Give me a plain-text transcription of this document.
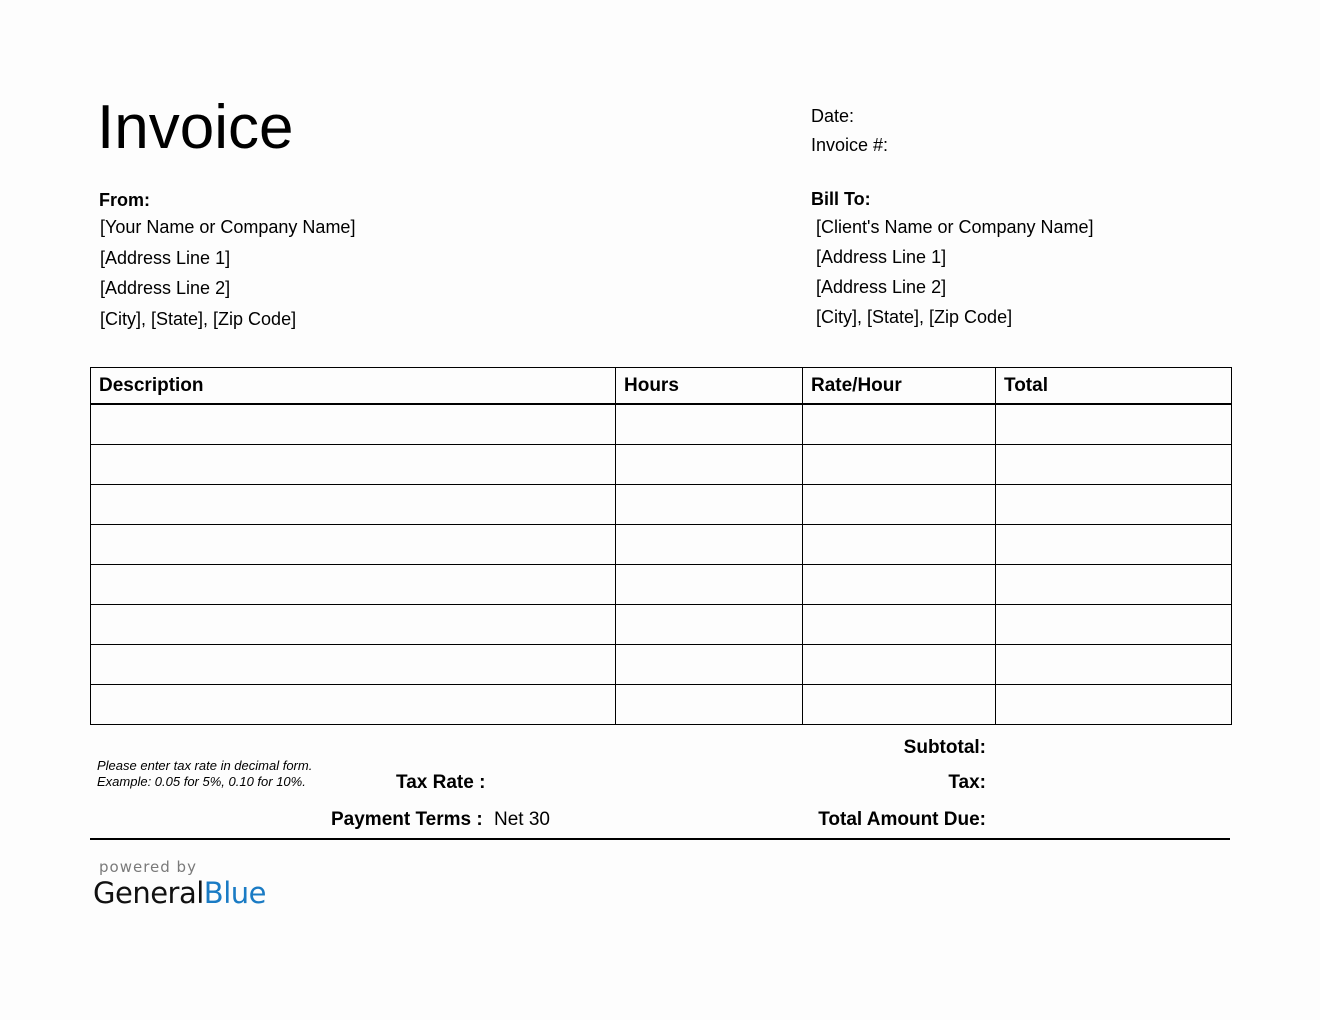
Invoice	Date:
Invoice #:
From:
[Your Name or Company Name]
[Address Line 1]
[Address Line 2]
[City], [State], [Zip Code]
Bill To:
[Client's Name or Company Name]
[Address Line 1]
[Address Line 2]
[City], [State], [Zip Code]
Description	Hours	Rate/Hour	Total

Please enter tax rate in decimal form.
Example: 0.05 for 5%, 0.10 for 10%.	Tax Rate :
Payment Terms : Net 30
Subtotal:
Tax:
Total Amount Due:
powered by
GeneralBlue
